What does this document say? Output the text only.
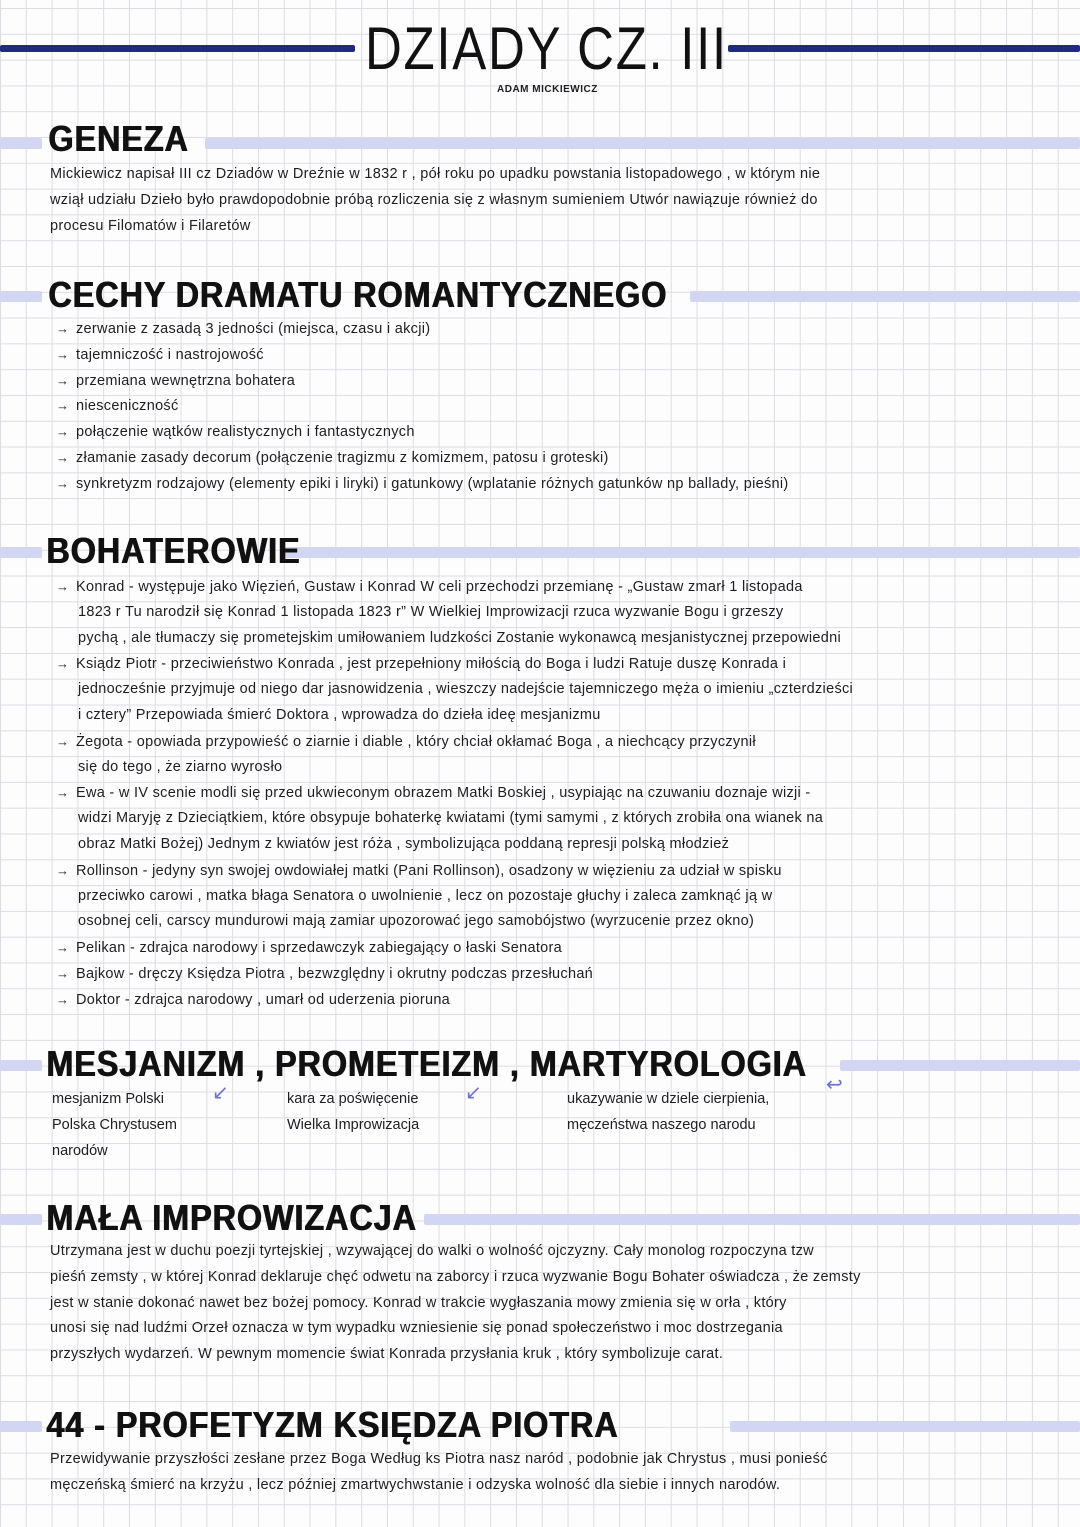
DZIADY CZ. III
ADAM MICKIEWICZ
GENEZA
Mickiewicz napisał III cz Dziadów w Dreźnie w 1832 r , pół roku po upadku powstania listopadowego , w którym nie
wziął udziału Dzieło było prawdopodobnie próbą rozliczenia się z własnym sumieniem Utwór nawiązuje również do
procesu Filomatów i Filaretów
CECHY DRAMATU ROMANTYCZNEGO
→ zerwanie z zasadą 3 jedności (miejsca, czasu i akcji)
→ tajemniczość i nastrojowość
→ przemiana wewnętrzna bohatera
→ niesceniczność
→ połączenie wątków realistycznych i fantastycznych
→ złamanie zasady decorum (połączenie tragizmu z komizmem, patosu i groteski)
→ synkretyzm rodzajowy (elementy epiki i liryki) i gatunkowy (wplatanie różnych gatunków np ballady, pieśni)
BOHATEROWIE
→ Konrad - występuje jako Więzień, Gustaw i Konrad W celi przechodzi przemianę - „Gustaw zmarł 1 listopada
1823 r Tu narodził się Konrad 1 listopada 1823 r” W Wielkiej Improwizacji rzuca wyzwanie Bogu i grzeszy
pychą , ale tłumaczy się prometejskim umiłowaniem ludzkości Zostanie wykonawcą mesjanistycznej przepowiedni
→ Ksiądz Piotr - przeciwieństwo Konrada , jest przepełniony miłością do Boga i ludzi Ratuje duszę Konrada i
jednocześnie przyjmuje od niego dar jasnowidzenia , wieszczy nadejście tajemniczego męża o imieniu „czterdzieści
i cztery” Przepowiada śmierć Doktora , wprowadza do dzieła ideę mesjanizmu
→ Żegota - opowiada przypowieść o ziarnie i diable , który chciał okłamać Boga , a niechcący przyczynił
się do tego , że ziarno wyrosło
→ Ewa - w IV scenie modli się przed ukwieconym obrazem Matki Boskiej , usypiając na czuwaniu doznaje wizji -
widzi Maryję z Dzieciątkiem, które obsypuje bohaterkę kwiatami (tymi samymi , z których zrobiła ona wianek na
obraz Matki Bożej) Jednym z kwiatów jest róża , symbolizująca poddaną represji polską młodzież
→ Rollinson - jedyny syn swojej owdowiałej matki (Pani Rollinson), osadzony w więzieniu za udział w spisku
przeciwko carowi , matka błaga Senatora o uwolnienie , lecz on pozostaje głuchy i zaleca zamknąć ją w
osobnej celi, carscy mundurowi mają zamiar upozorować jego samobójstwo (wyrzucenie przez okno)
→ Pelikan - zdrajca narodowy i sprzedawczyk zabiegający o łaski Senatora
→ Bajkow - dręczy Księdza Piotra , bezwzględny i okrutny podczas przesłuchań
→ Doktor - zdrajca narodowy , umarł od uderzenia pioruna
MESJANIZM , PROMETEIZM , MARTYROLOGIA
mesjanizm Polski
Polska Chrystusem
narodów
kara za poświęcenie
Wielka Improwizacja
ukazywanie w dziele cierpienia,
męczeństwa naszego narodu
↙	↙	↩
MAŁA IMPROWIZACJA
Utrzymana jest w duchu poezji tyrtejskiej , wzywającej do walki o wolność ojczyzny. Cały monolog rozpoczyna tzw
pieśń zemsty , w której Konrad deklaruje chęć odwetu na zaborcy i rzuca wyzwanie Bogu Bohater oświadcza , że zemsty
jest w stanie dokonać nawet bez bożej pomocy. Konrad w trakcie wygłaszania mowy zmienia się w orła , który
unosi się nad ludźmi Orzeł oznacza w tym wypadku wzniesienie się ponad społeczeństwo i moc dostrzegania
przyszłych wydarzeń. W pewnym momencie świat Konrada przysłania kruk , który symbolizuje carat.
44 - PROFETYZM KSIĘDZA PIOTRA
Przewidywanie przyszłości zesłane przez Boga Według ks Piotra nasz naród , podobnie jak Chrystus , musi ponieść
męczeńską śmierć na krzyżu , lecz później zmartwychwstanie i odzyska wolność dla siebie i innych narodów.
